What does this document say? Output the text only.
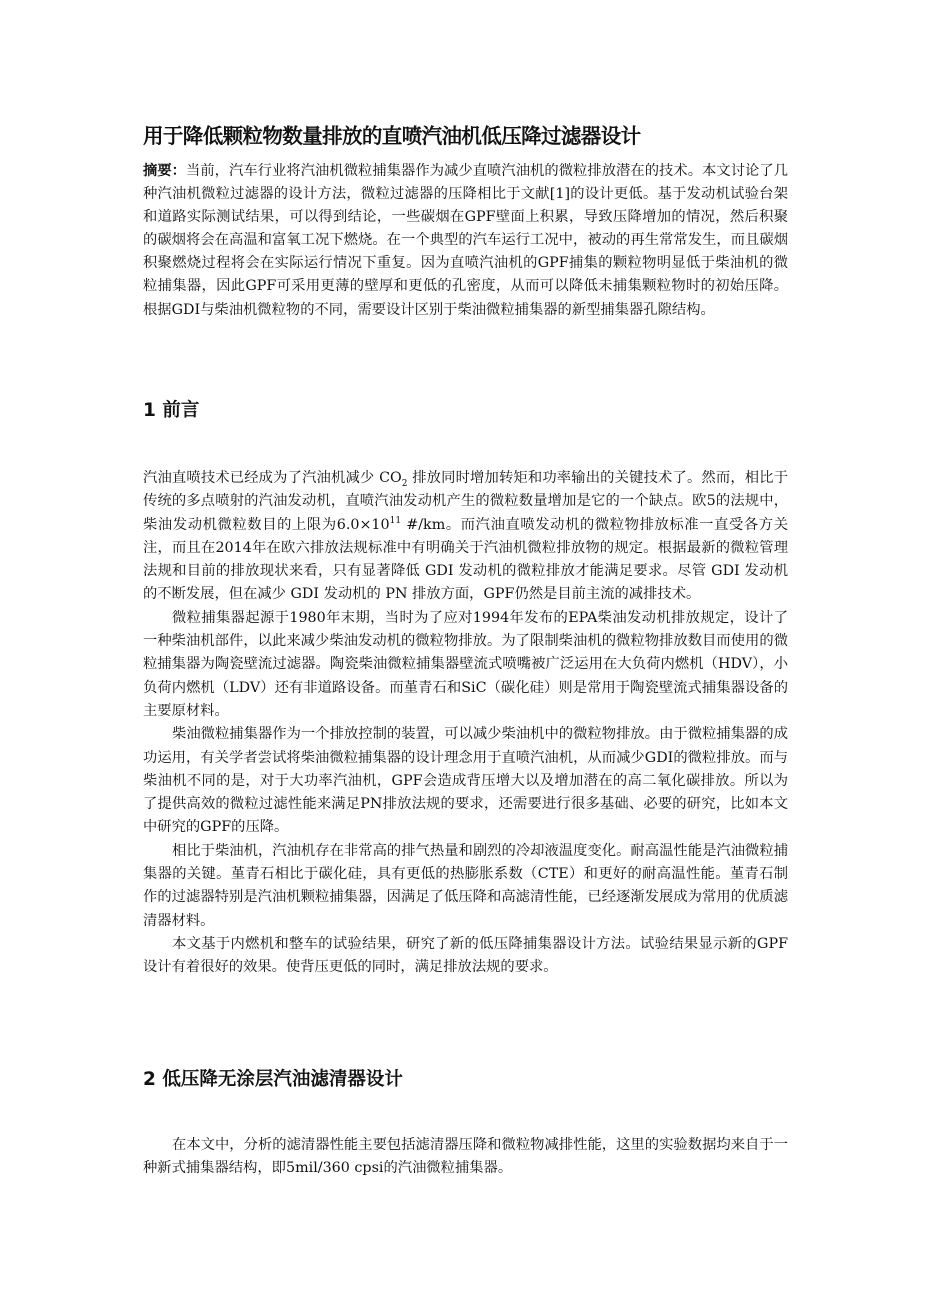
用于降低颗粒物数量排放的直喷汽油机低压降过滤器设计

摘要：当前，汽车行业将汽油机微粒捕集器作为减少直喷汽油机的微粒排放潜在的技术。本文讨论了几种汽油机微粒过滤器的设计方法，微粒过滤器的压降相比于文献[1]的设计更低。基于发动机试验台架和道路实际测试结果，可以得到结论，一些碳烟在GPF壁面上积累，导致压降增加的情况，然后积聚的碳烟将会在高温和富氧工况下燃烧。在一个典型的汽车运行工况中，被动的再生常常发生，而且碳烟积聚燃烧过程将会在实际运行情况下重复。因为直喷汽油机的GPF捕集的颗粒物明显低于柴油机的微粒捕集器，因此GPF可采用更薄的壁厚和更低的孔密度，从而可以降低未捕集颗粒物时的初始压降。根据GDI与柴油机微粒物的不同，需要设计区别于柴油微粒捕集器的新型捕集器孔隙结构。

1 前言

汽油直喷技术已经成为了汽油机减少 $CO_2$ 排放同时增加转矩和功率输出的关键技术了。然而，相比于传统的多点喷射的汽油发动机，直喷汽油发动机产生的微粒数量增加是它的一个缺点。欧5的法规中，柴油发动机微粒数目的上限为$6.0\times 10^{11}$ #/km。而汽油直喷发动机的微粒物排放标准一直受各方关注，而且在2014年在欧六排放法规标准中有明确关于汽油机微粒排放物的规定。根据最新的微粒管理法规和目前的排放现状来看，只有显著降低 GDI 发动机的微粒排放才能满足要求。尽管 GDI 发动机的不断发展，但在减少 GDI 发动机的 PN 排放方面，GPF仍然是目前主流的减排技术。

微粒捕集器起源于1980年末期，当时为了应对1994年发布的EPA柴油发动机排放规定，设计了一种柴油机部件，以此来减少柴油发动机的微粒物排放。为了限制柴油机的微粒物排放数目而使用的微粒捕集器为陶瓷壁流过滤器。陶瓷柴油微粒捕集器壁流式喷嘴被广泛运用在大负荷内燃机（HDV），小负荷内燃机（LDV）还有非道路设备。而堇青石和SiC（碳化硅）则是常用于陶瓷壁流式捕集器设备的主要原材料。

柴油微粒捕集器作为一个排放控制的装置，可以减少柴油机中的微粒物排放。由于微粒捕集器的成功运用，有关学者尝试将柴油微粒捕集器的设计理念用于直喷汽油机，从而减少GDI的微粒排放。而与柴油机不同的是，对于大功率汽油机，GPF会造成背压增大以及增加潜在的高二氧化碳排放。所以为了提供高效的微粒过滤性能来满足PN排放法规的要求，还需要进行很多基础、必要的研究，比如本文中研究的GPF的压降。

相比于柴油机，汽油机存在非常高的排气热量和剧烈的冷却液温度变化。耐高温性能是汽油微粒捕集器的关键。堇青石相比于碳化硅，具有更低的热膨胀系数（CTE）和更好的耐高温性能。堇青石制作的过滤器特别是汽油机颗粒捕集器，因满足了低压降和高滤清性能，已经逐渐发展成为常用的优质滤清器材料。

本文基于内燃机和整车的试验结果，研究了新的低压降捕集器设计方法。试验结果显示新的GPF设计有着很好的效果。使背压更低的同时，满足排放法规的要求。

2 低压降无涂层汽油滤清器设计

在本文中，分析的滤清器性能主要包括滤清器压降和微粒物减排性能，这里的实验数据均来自于一种新式捕集器结构，即5mil/360 cpsi的汽油微粒捕集器。
